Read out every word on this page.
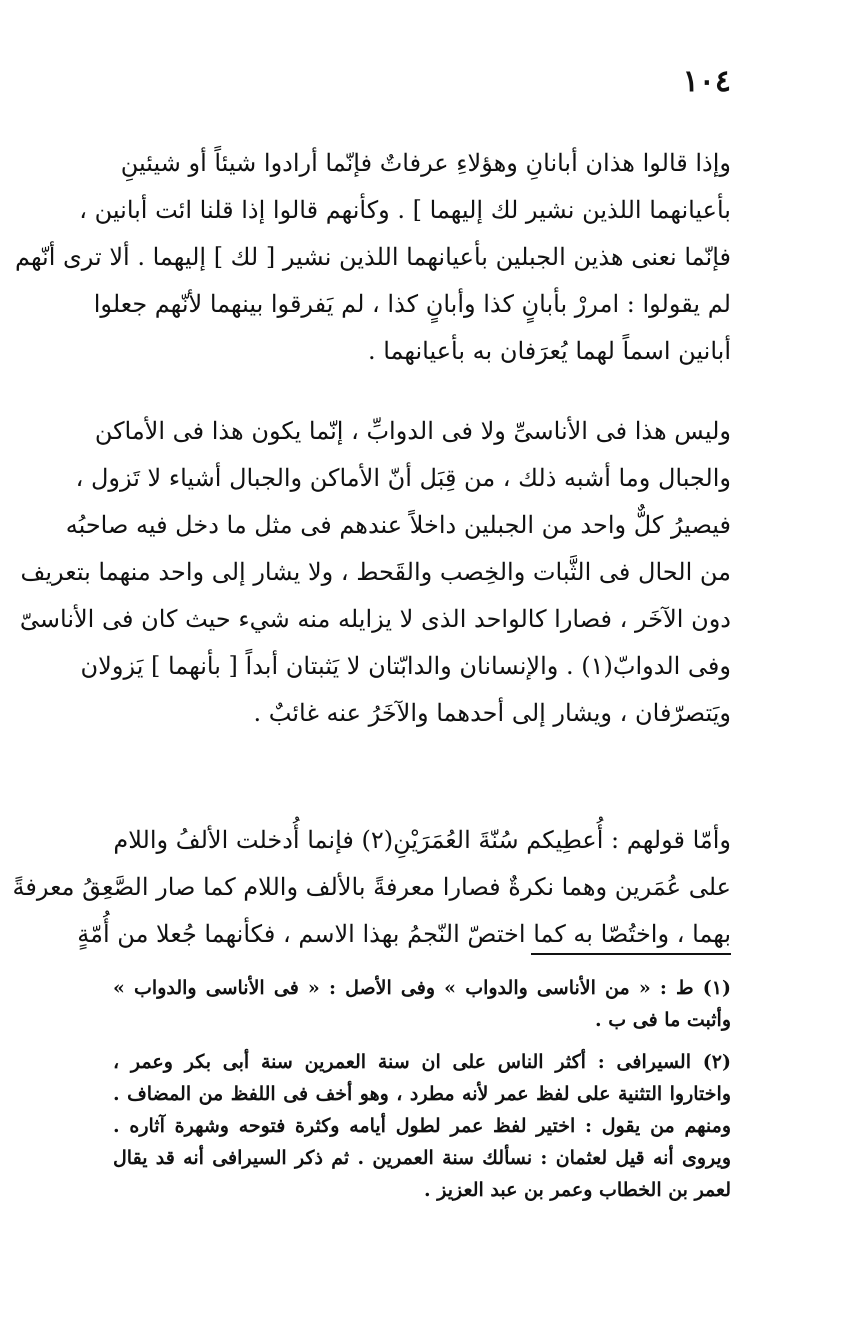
١٠٤
وإذا قالوا هذان أبانانِ وهؤلاءِ عرفاتٌ فإنّما أرادوا شيئاً أو شيئينِ
بأعيانهما اللذين نشير لك إليهما ] . وكأنهم قالوا إذا قلنا ائت أبانين ،
فإنّما نعنى هذين الجبلين بأعيانهما اللذين نشير [ لك ] إليهما . ألا ترى أنّهم
لم يقولوا : امررْ بأبانٍ كذا وأبانٍ كذا ، لم يَفرقوا بينهما لأنّهم جعلوا
أبانين اسماً لهما يُعرَفان به بأعيانهما .
وليس هذا فى الأناسىِّ ولا فى الدوابِّ ، إنّما يكون هذا فى الأماكن
والجبال وما أشبه ذلك ، من قِبَل أنّ الأماكن والجبال أشياء لا تَزول ،
فيصيرُ كلٌّ واحد من الجبلين داخلاً عندهم فى مثل ما دخل فيه صاحبُه
من الحال فى الثَّبات والخِصب والقَحط ، ولا يشار إلى واحد منهما بتعريف
دون الآخَر ، فصارا كالواحد الذى لا يزايله منه شيء حيث كان فى الأناسىّ
وفى الدوابّ(١) . والإنسانان والدابّتان لا يَثبتان أبداً [ بأنهما ] يَزولان
ويَتصرّفان ، ويشار إلى أحدهما والآخَرُ عنه غائبٌ .
وأمّا قولهم : أُعطِيكم سُنّةَ العُمَرَيْنِ(٢) فإنما أُدخلت الألفُ واللام
على عُمَرين وهما نكرةٌ فصارا معرفةً بالألف واللام كما صار الصَّعِقُ معرفةً
بهما ، واختُصّا به كما اختصّ النّجمُ بهذا الاسم ، فكأنهما جُعلا من أُمّةٍ
(١) ط : « من الأناسى والدواب » وفى الأصل : « فى الأناسى والدواب »
وأثبت ما فى ب .
(٢) السيرافى : أكثر الناس على ان سنة العمرين سنة أبى بكر وعمر ،
واختاروا التثنية على لفظ عمر لأنه مطرد ، وهو أخف فى اللفظ من المضاف .
ومنهم من يقول : اختير لفظ عمر لطول أيامه وكثرة فتوحه وشهرة آثاره .
ويروى أنه قيل لعثمان : نسألك سنة العمرين . ثم ذكر السيرافى أنه قد يقال
لعمر بن الخطاب وعمر بن عبد العزيز .
